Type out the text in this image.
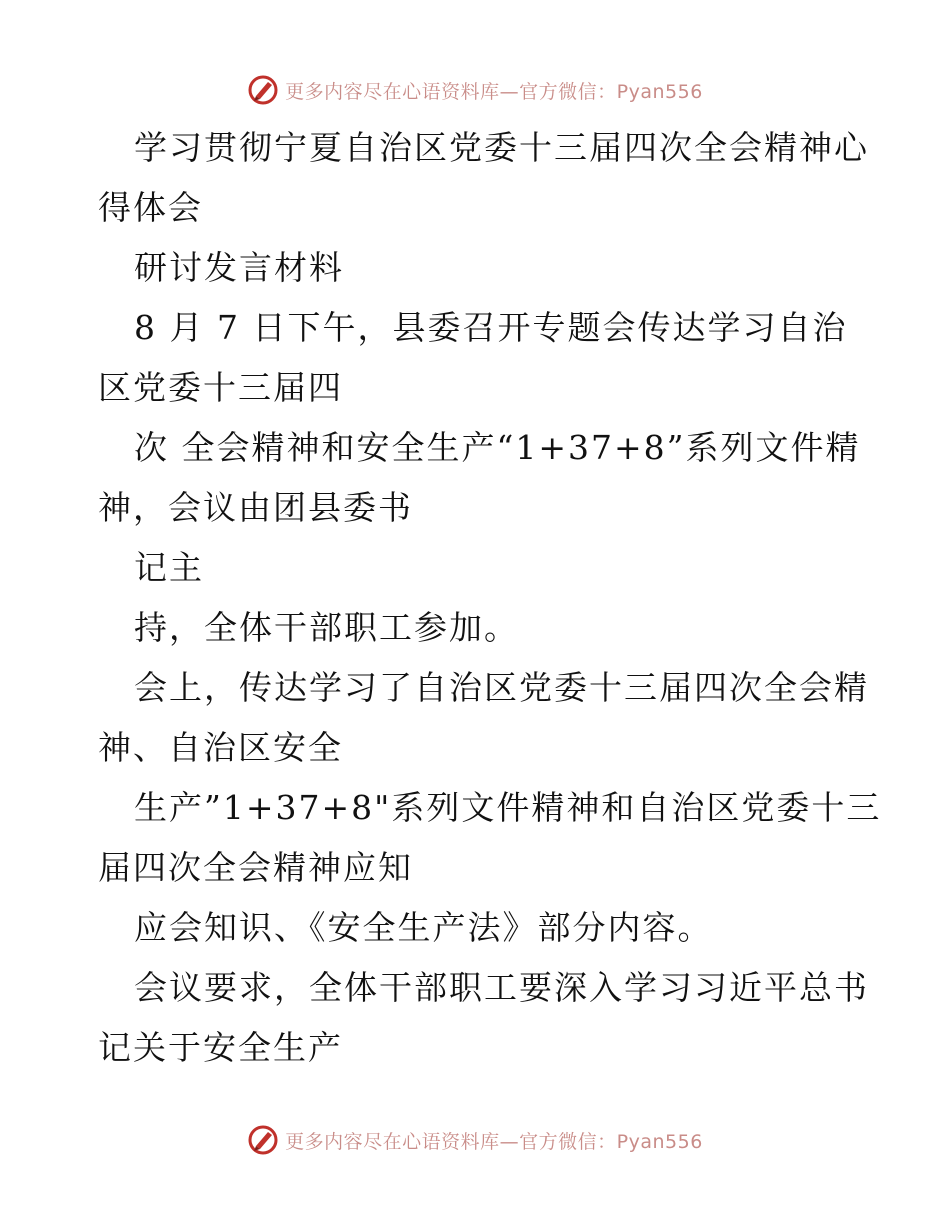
更多内容尽在心语资料库—官方微信：Pyan556
学习贯彻宁夏自治区党委十三届四次全会精神心
得体会
研讨发言材料
8 月 7 日下午，县委召开专题会传达学习自治
区党委十三届四
次 全会精神和安全生产“1+37+8”系列文件精
神，会议由团县委书
记主
持，全体干部职工参加。
会上，传达学习了自治区党委十三届四次全会精
神、自治区安全
生产”1+37+8"系列文件精神和自治区党委十三
届四次全会精神应知
应会知识、《安全生产法》部分内容。
会议要求，全体干部职工要深入学习习近平总书
记关于安全生产
更多内容尽在心语资料库—官方微信：Pyan556
